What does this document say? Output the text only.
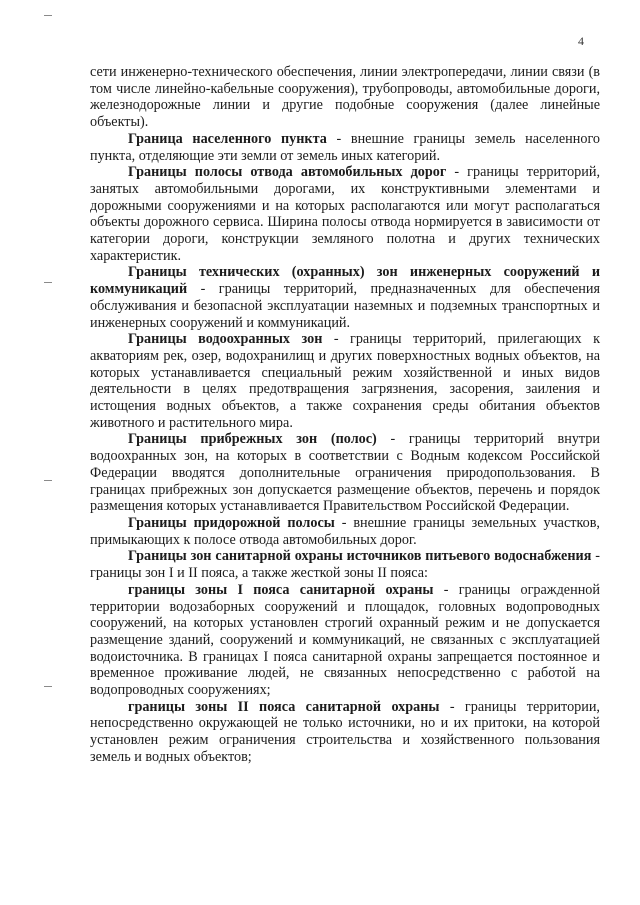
4

сети инженерно-технического обеспечения, линии электропередачи, линии связи (в том числе линейно-кабельные сооружения), трубопроводы, автомобильные дороги, железнодорожные линии и другие подобные сооружения (далее линейные объекты).

Граница населенного пункта - внешние границы земель населенного пункта, отделяющие эти земли от земель иных категорий.

Границы полосы отвода автомобильных дорог - границы территорий, занятых автомобильными дорогами, их конструктивными элементами и дорожными сооружениями и на которых располагаются или могут располагаться объекты дорожного сервиса. Ширина полосы отвода нормируется в зависимости от категории дороги, конструкции земляного полотна и других технических характеристик.

Границы технических (охранных) зон инженерных сооружений и коммуникаций - границы территорий, предназначенных для обеспечения обслуживания и безопасной эксплуатации наземных и подземных транспортных и инженерных сооружений и коммуникаций.

Границы водоохранных зон - границы территорий, прилегающих к акваториям рек, озер, водохранилищ и других поверхностных водных объектов, на которых устанавливается специальный режим хозяйственной и иных видов деятельности в целях предотвращения загрязнения, засорения, заиления и истощения водных объектов, а также сохранения среды обитания объектов животного и растительного мира.

Границы прибрежных зон (полос) - границы территорий внутри водоохранных зон, на которых в соответствии с Водным кодексом Российской Федерации вводятся дополнительные ограничения природопользования. В границах прибрежных зон допускается размещение объектов, перечень и порядок размещения которых устанавливается Правительством Российской Федерации.

Границы придорожной полосы - внешние границы земельных участков, примыкающих к полосе отвода автомобильных дорог.

Границы зон санитарной охраны источников питьевого водоснабжения - границы зон I и II пояса, а также жесткой зоны II пояса:

границы зоны I пояса санитарной охраны - границы огражденной территории водозаборных сооружений и площадок, головных водопроводных сооружений, на которых установлен строгий охранный режим и не допускается размещение зданий, сооружений и коммуникаций, не связанных с эксплуатацией водоисточника. В границах I пояса санитарной охраны запрещается постоянное и временное проживание людей, не связанных непосредственно с работой на водопроводных сооружениях;

границы зоны II пояса санитарной охраны - границы территории, непосредственно окружающей не только источники, но и их притоки, на которой установлен режим ограничения строительства и хозяйственного пользования земель и водных объектов;
